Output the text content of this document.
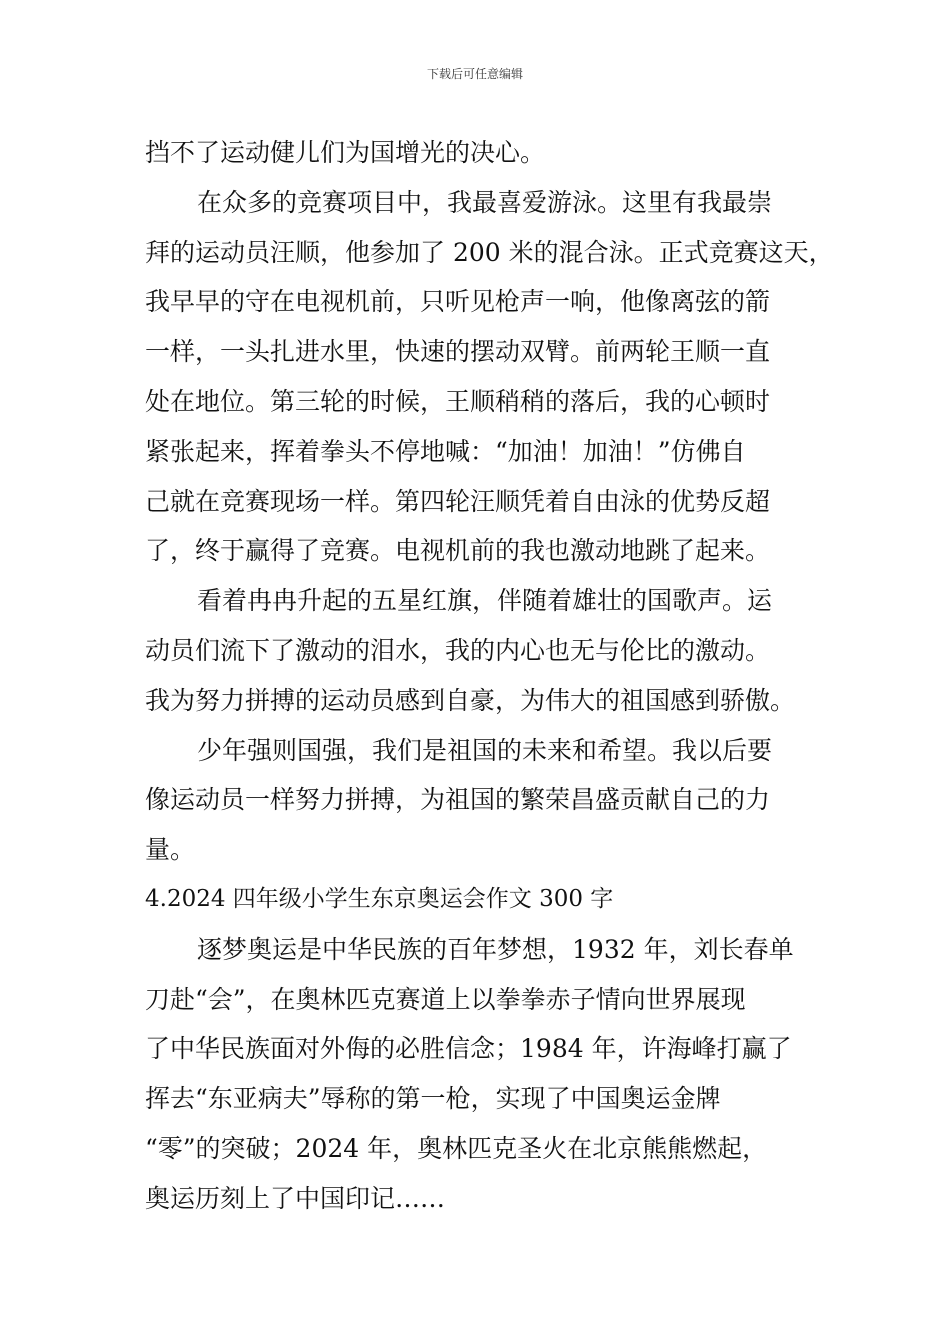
下载后可任意编辑
挡不了运动健儿们为国增光的决心。
在众多的竞赛项目中，我最喜爱游泳。这里有我最崇
拜的运动员汪顺，他参加了 200 米的混合泳。正式竞赛这天，
我早早的守在电视机前，只听见枪声一响，他像离弦的箭
一样，一头扎进水里，快速的摆动双臂。前两轮王顺一直
处在地位。第三轮的时候，王顺稍稍的落后，我的心顿时
紧张起来，挥着拳头不停地喊：“加油！加油！”仿佛自
己就在竞赛现场一样。第四轮汪顺凭着自由泳的优势反超
了，终于赢得了竞赛。电视机前的我也激动地跳了起来。
看着冉冉升起的五星红旗，伴随着雄壮的国歌声。运
动员们流下了激动的泪水，我的内心也无与伦比的激动。
我为努力拼搏的运动员感到自豪，为伟大的祖国感到骄傲。
少年强则国强，我们是祖国的未来和希望。我以后要
像运动员一样努力拼搏，为祖国的繁荣昌盛贡献自己的力
量。
4.2024 四年级小学生东京奥运会作文 300 字
逐梦奥运是中华民族的百年梦想，1932 年，刘长春单
刀赴“会”，在奥林匹克赛道上以拳拳赤子情向世界展现
了中华民族面对外侮的必胜信念；1984 年，许海峰打赢了
挥去“东亚病夫”辱称的第一枪，实现了中国奥运金牌
“零”的突破；2024 年，奥林匹克圣火在北京熊熊燃起，
奥运历刻上了中国印记……
